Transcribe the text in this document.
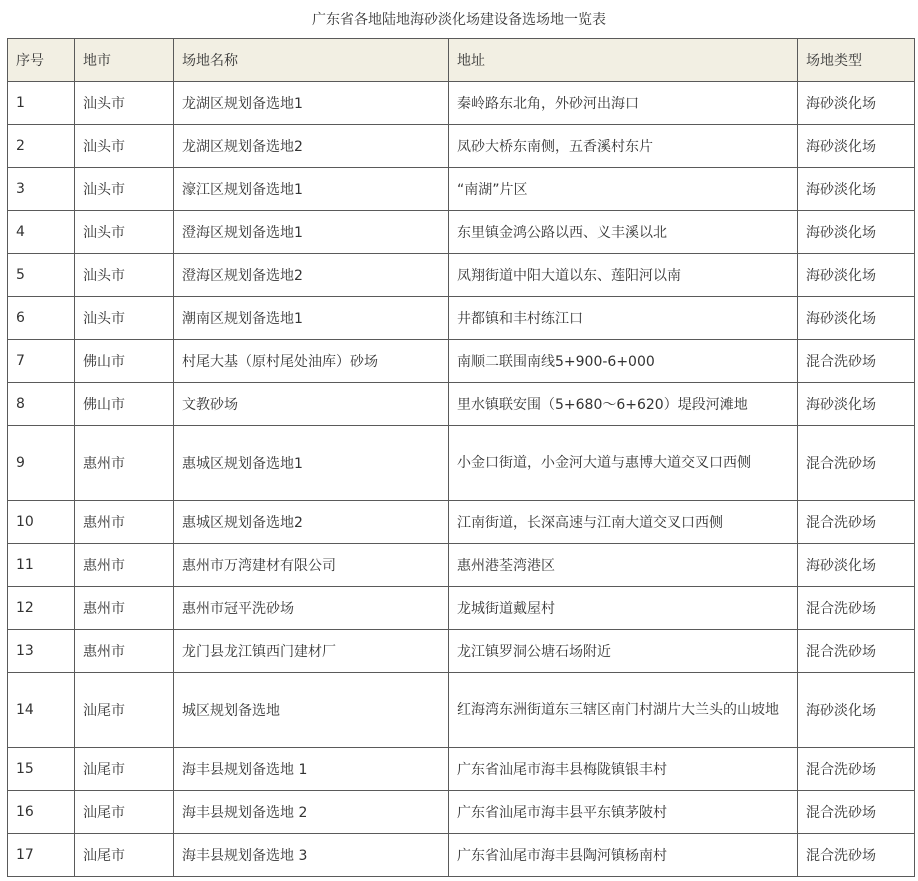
广东省各地陆地海砂淡化场建设备选场地一览表
序号	地市	场地名称	地址	场地类型
1	汕头市	龙湖区规划备选地1	秦岭路东北角，外砂河出海口	海砂淡化场
2	汕头市	龙湖区规划备选地2	凤砂大桥东南侧，五香溪村东片	海砂淡化场
3	汕头市	濠江区规划备选地1	“南湖”片区	海砂淡化场
4	汕头市	澄海区规划备选地1	东里镇金鸿公路以西、义丰溪以北	海砂淡化场
5	汕头市	澄海区规划备选地2	凤翔街道中阳大道以东、莲阳河以南	海砂淡化场
6	汕头市	潮南区规划备选地1	井都镇和丰村练江口	海砂淡化场
7	佛山市	村尾大基（原村尾处油库）砂场	南顺二联围南线5+900-6+000	混合洗砂场
8	佛山市	文教砂场	里水镇联安围（5+680～6+620）堤段河滩地	海砂淡化场
9	惠州市	惠城区规划备选地1	小金口街道，小金河大道与惠博大道交叉口西侧	混合洗砂场
10	惠州市	惠城区规划备选地2	江南街道，长深高速与江南大道交叉口西侧	混合洗砂场
11	惠州市	惠州市万湾建材有限公司	惠州港荃湾港区	海砂淡化场
12	惠州市	惠州市冠平洗砂场	龙城街道戴屋村	混合洗砂场
13	惠州市	龙门县龙江镇西门建材厂	龙江镇罗洞公塘石场附近	混合洗砂场
14	汕尾市	城区规划备选地	红海湾东洲街道东三辖区南门村湖片大兰头的山坡地	海砂淡化场
15	汕尾市	海丰县规划备选地 1	广东省汕尾市海丰县梅陇镇银丰村	混合洗砂场
16	汕尾市	海丰县规划备选地 2	广东省汕尾市海丰县平东镇茅陂村	混合洗砂场
17	汕尾市	海丰县规划备选地 3	广东省汕尾市海丰县陶河镇杨南村	混合洗砂场
